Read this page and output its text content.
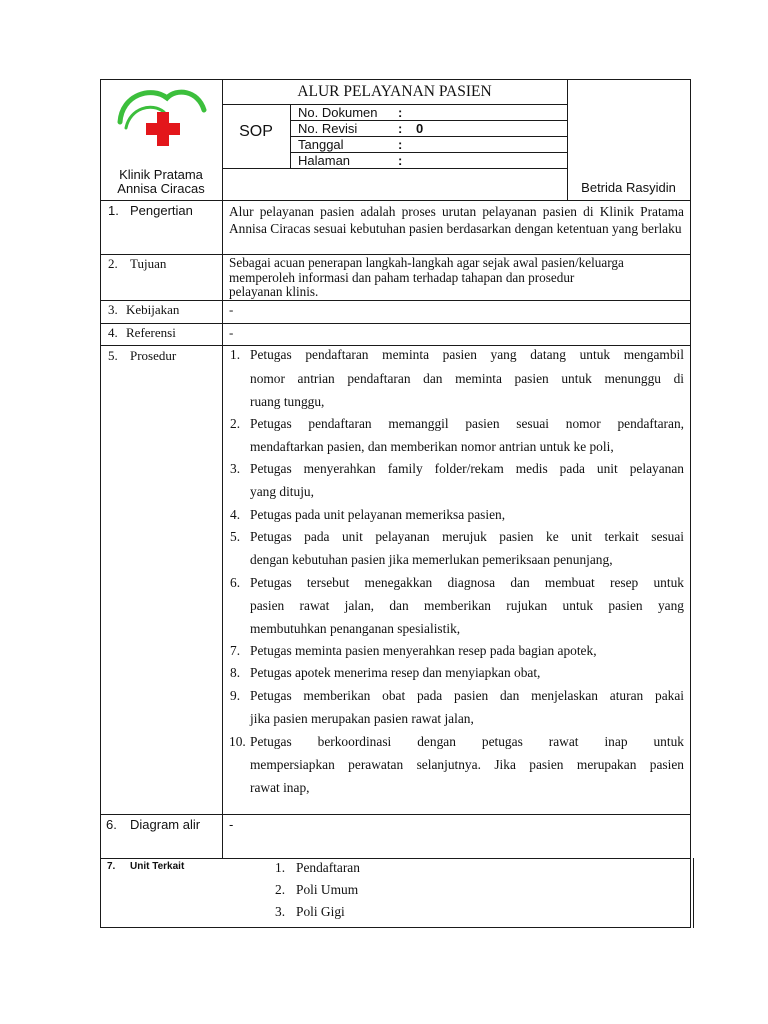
Klinik Pratama
Annisa Ciracas
ALUR PELAYANAN PASIEN
SOP
No. Dokumen :
No. Revisi	: 0
Tanggal	:
Halaman	:
Betrida Rasyidin
1. Pengertian	Alur pelayanan pasien adalah proses urutan pelayanan pasien di Klinik Pratama Annisa Ciracas sesuai kebutuhan pasien berdasarkan dengan ketentuan yang berlaku
2. Tujuan	Sebagai acuan penerapan langkah-langkah agar sejak awal pasien/keluarga
memperoleh informasi dan paham terhadap tahapan dan prosedur
pelayanan klinis.
3. Kebijakan	-
4. Referensi	-
5. Prosedur	1. Petugas pendaftaran meminta pasien yang datang untuk mengambil
nomor antrian pendaftaran dan meminta pasien untuk menunggu di
ruang tunggu,
2. Petugas pendaftaran memanggil pasien sesuai nomor pendaftaran,
mendaftarkan pasien, dan memberikan nomor antrian untuk ke poli,
3. Petugas menyerahkan family folder/rekam medis pada unit pelayanan
yang dituju,
4. Petugas pada unit pelayanan memeriksa pasien,
5. Petugas pada unit pelayanan merujuk pasien ke unit terkait sesuai
dengan kebutuhan pasien jika memerlukan pemeriksaan penunjang,
6. Petugas tersebut menegakkan diagnosa dan membuat resep untuk
pasien rawat jalan, dan memberikan rujukan untuk pasien yang
membutuhkan penanganan spesialistik,
7. Petugas meminta pasien menyerahkan resep pada bagian apotek,
8. Petugas apotek menerima resep dan menyiapkan obat,
9. Petugas memberikan obat pada pasien dan menjelaskan aturan pakai
jika pasien merupakan pasien rawat jalan,
10. Petugas berkoordinasi dengan petugas rawat inap untuk
mempersiapkan perawatan selanjutnya. Jika pasien merupakan pasien
rawat inap,
6. Diagram alir -
7. Unit Terkait	1. Pendaftaran
2. Poli Umum
3. Poli Gigi
